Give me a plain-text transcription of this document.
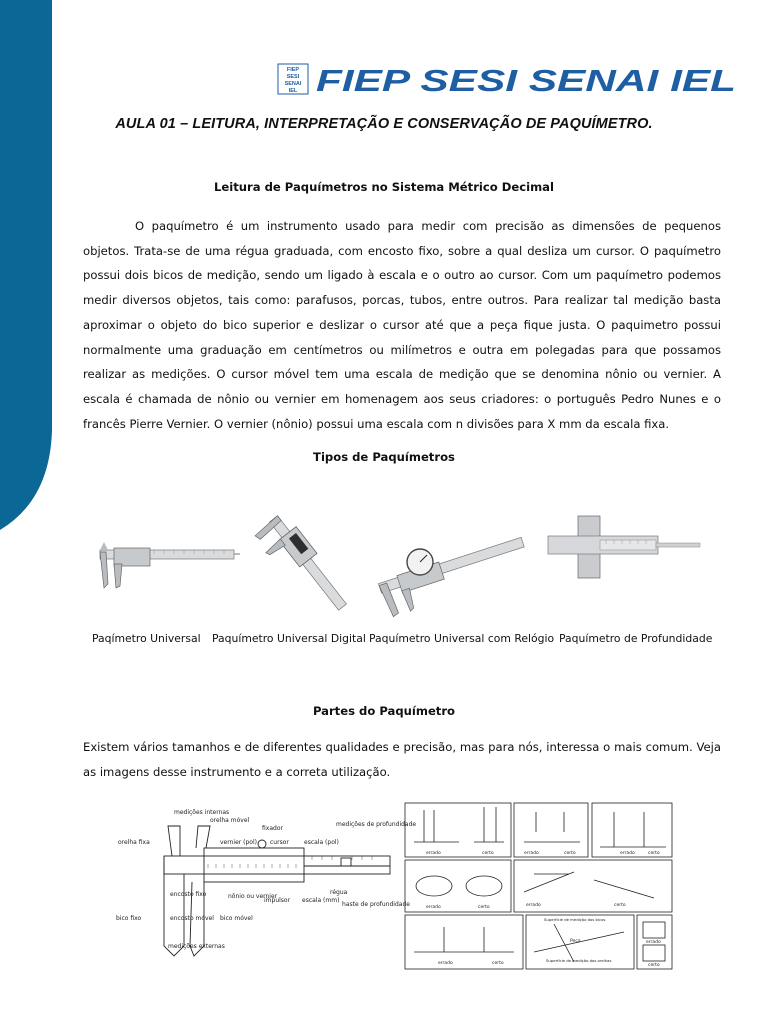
FIEP
SESI
SENAI
IEL FIEP SESI SENAI IEL
AULA 01 – LEITURA, INTERPRETAÇÃO E CONSERVAÇÃO DE PAQUÍMETRO.
Leitura de Paquímetros no Sistema Métrico Decimal

O paquímetro é um instrumento usado para medir com precisão as dimensões de pequenos objetos. Trata-se de uma régua graduada, com encosto fixo, sobre a qual desliza um cursor. O paquímetro possui dois bicos de medição, sendo um ligado à escala e o outro ao cursor. Com um paquímetro podemos medir diversos objetos, tais como: parafusos, porcas, tubos, entre outros. Para realizar tal medição basta aproximar o objeto do bico superior e deslizar o cursor até que a peça fique justa. O paquimetro possui normalmente uma graduação em centímetros ou milímetros e outra em polegadas para que possamos realizar as medições. O cursor móvel tem uma escala de medição que se denomina nônio ou vernier. A escala é chamada de nônio ou vernier em homenagem aos seus criadores: o português Pedro Nunes e o francês Pierre Vernier. O vernier (nônio) possui uma escala com n divisões para X mm da escala fixa.

Tipos de Paquímetros
Paqímetro Universal Paquímetro Universal Digital Paquímetro Universal com Relógio Paquímetro de Profundidade
Partes do Paquímetro

Existem vários tamanhos e de diferentes qualidades e precisão, mas para nós, interessa o mais comum. Veja as imagens desse instrumento e a correta utilização.

medições internas
orelha móvel
fixador
orelha fixa	vernier (pol) cursor	escala (pol)
medições de profundidade
encosto fixo	nônio ou vernier
impulsor escala (mm)
régua
bico fixo	encosto móvel bico móvel
haste de profundidade
medições externas
errado	certo	errado	certo	errado	certo
errado	certo	errado	certo
errado	certo
Superfície de medição dos bicos
Peça
Superfície de medição das orelhas
errado
certo
